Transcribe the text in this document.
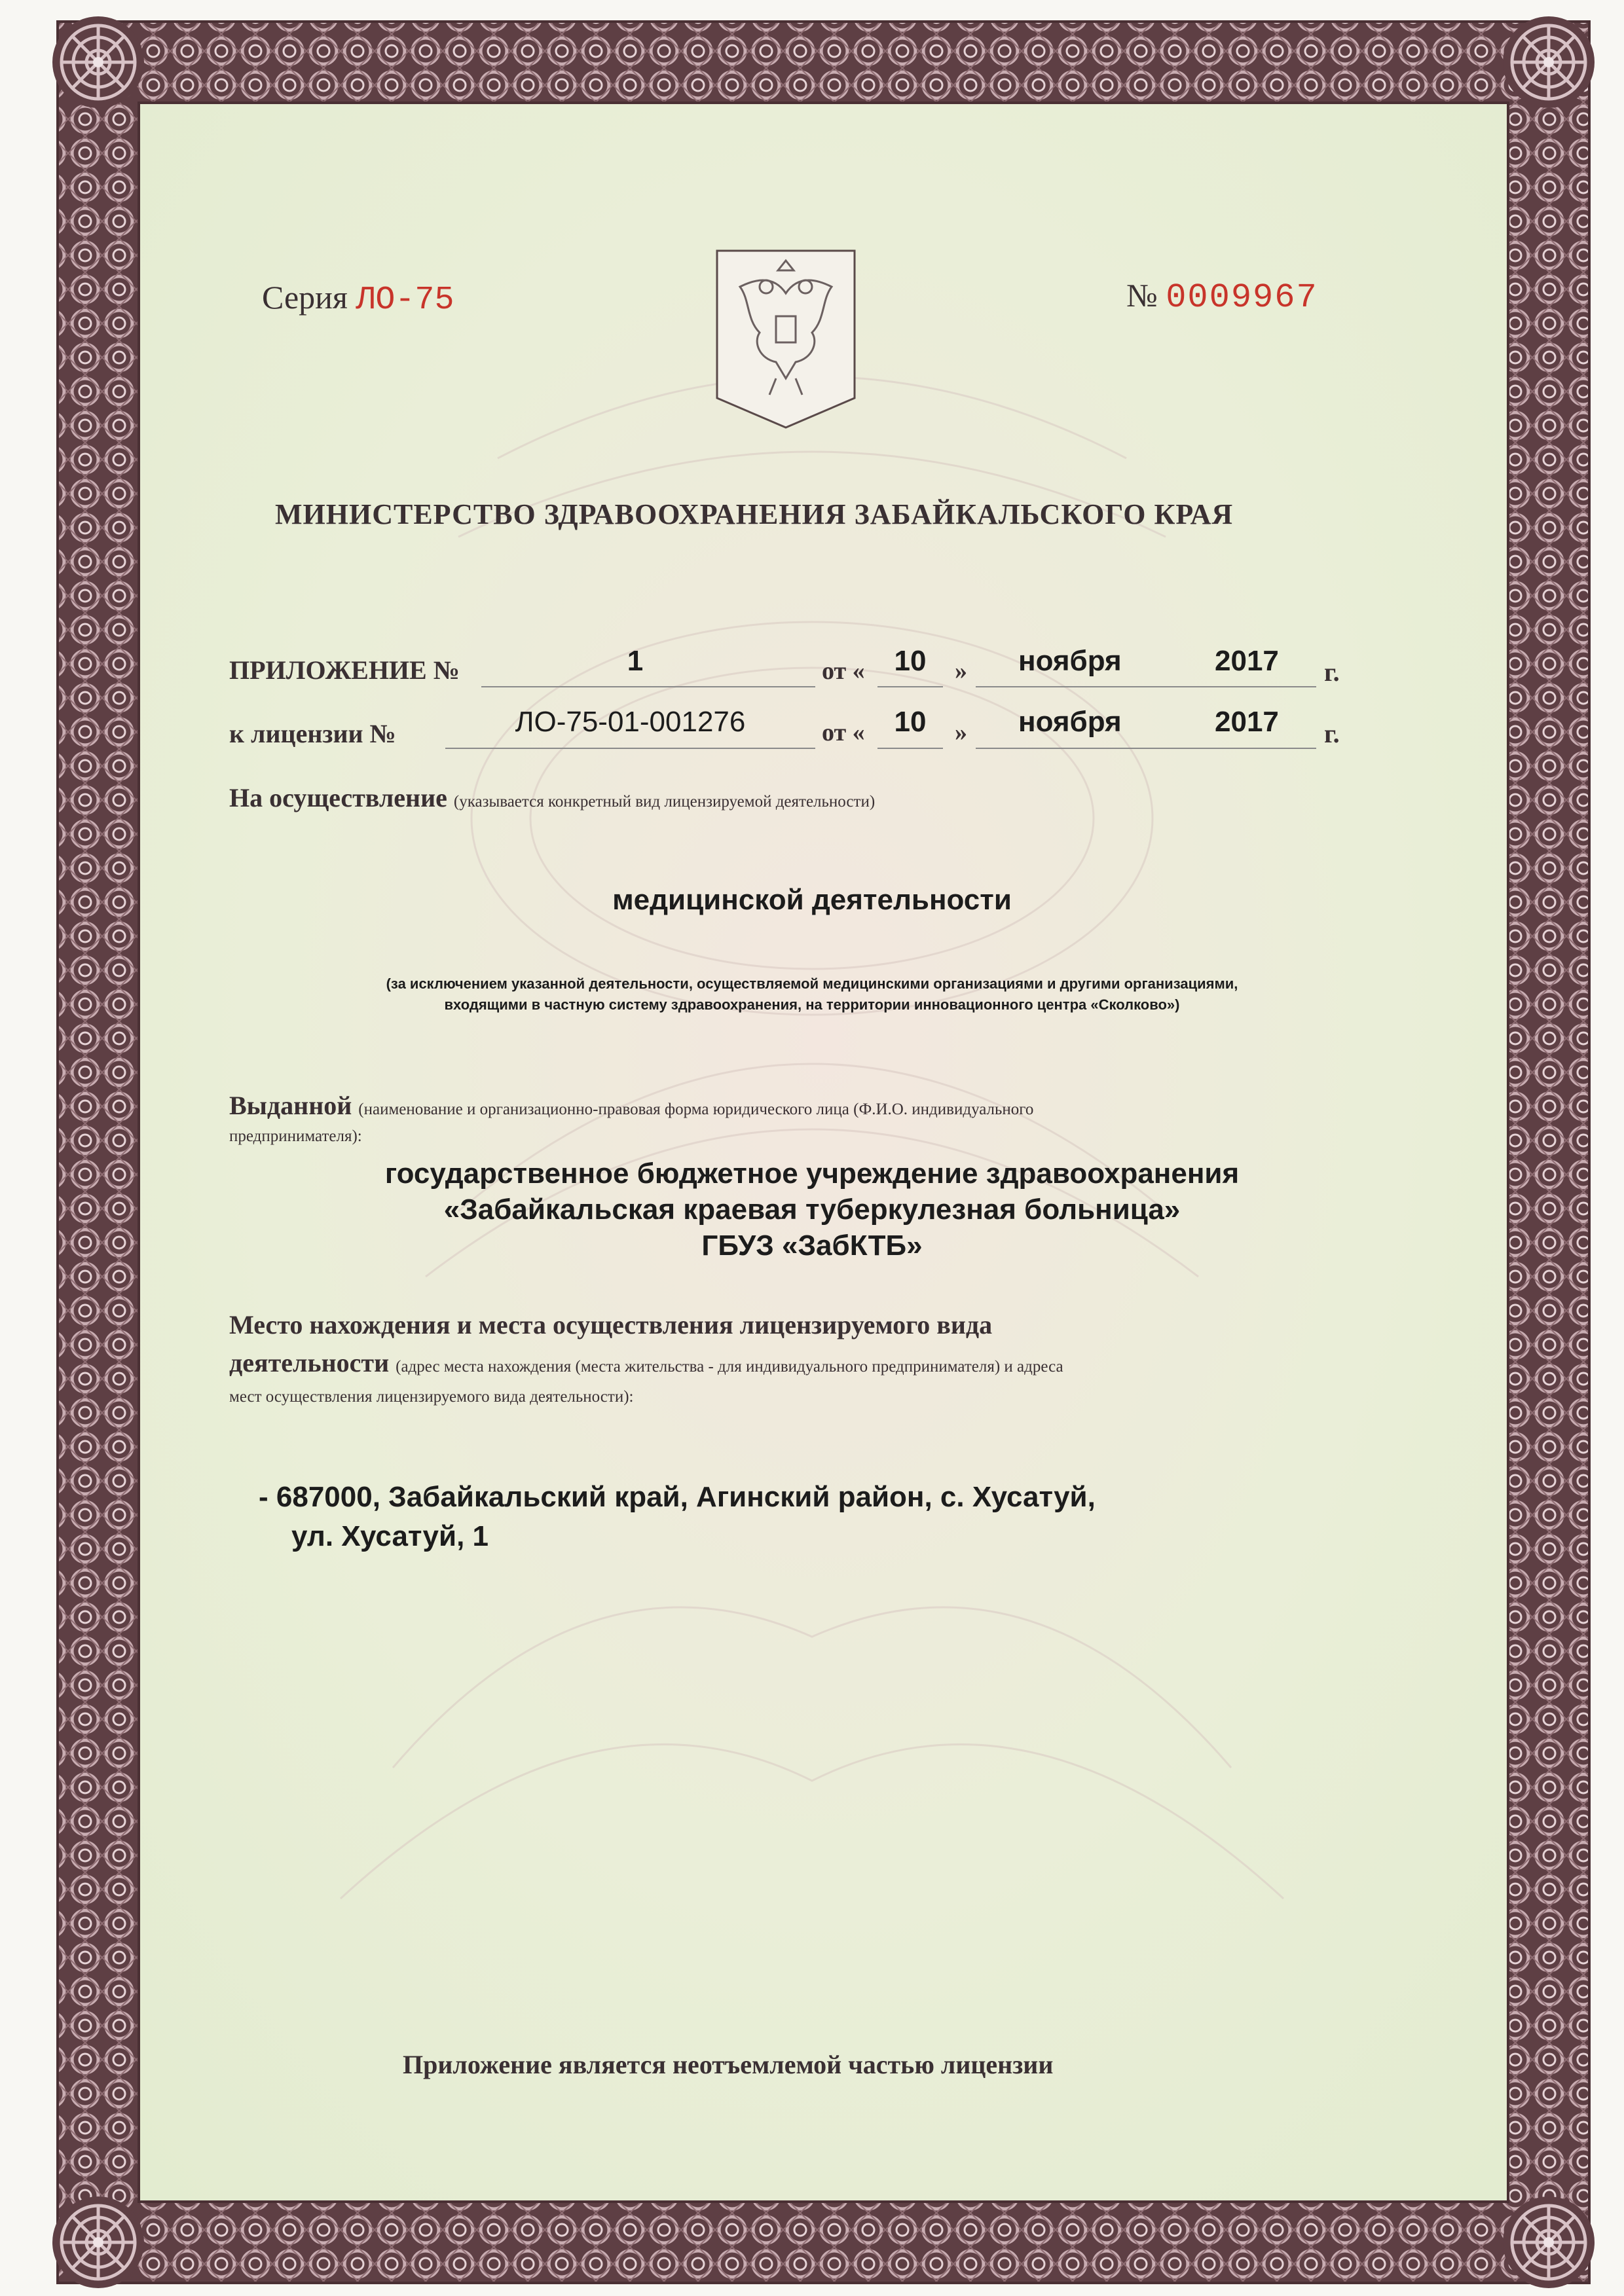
Серия ЛО-75	№ 0009967
МИНИСТЕРСТВО ЗДРАВООХРАНЕНИЯ ЗАБАЙКАЛЬСКОГО КРАЯ
ПРИЛОЖЕНИЕ №	1	от «	10	» ноября	2017 г.
к лицензии №	ЛО-75-01-001276	от «	10	» ноября	2017 г.
На осуществление (указывается конкретный вид лицензируемой деятельности)
медицинской деятельности
(за исключением указанной деятельности, осуществляемой медицинскими организациями и другими организациями,
входящими в частную систему здравоохранения, на территории инновационного центра «Сколково»)
Выданной (наименование и организационно-правовая форма юридического лица (Ф.И.О. индивидуального
предпринимателя):
государственное бюджетное учреждение здравоохранения
«Забайкальская краевая туберкулезная больница»
ГБУЗ «ЗабКТБ»
Место нахождения и места осуществления лицензируемого вида
деятельности (адрес места нахождения (места жительства - для индивидуального предпринимателя) и адреса
мест осуществления лицензируемого вида деятельности):
- 687000, Забайкальский край, Агинский район, с. Хусатуй,
ул. Хусатуй, 1
Приложение является неотъемлемой частью лицензии
